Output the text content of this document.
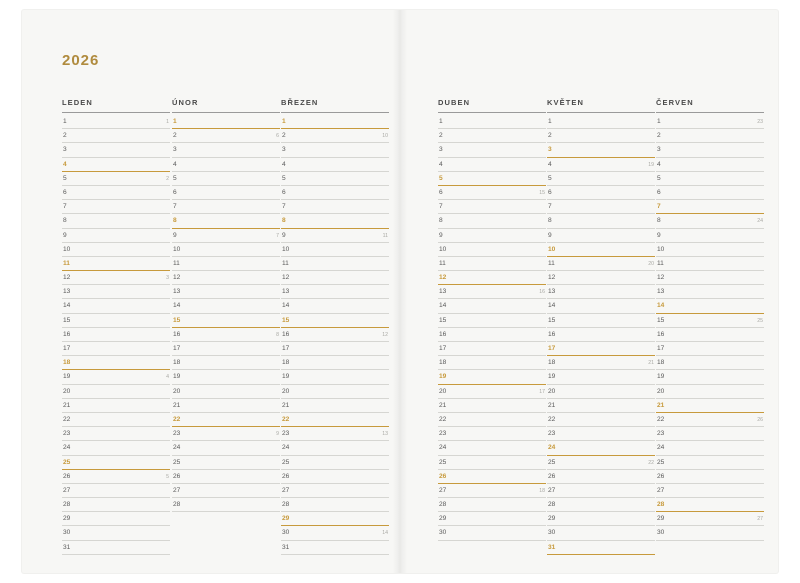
2026
LEDEN
1	1
2
3
4
5	2
6
7
8
9
10
11
12	3
13
14
15
16
17
18
19	4
20
21
22
23
24
25
26	5
27
28
29
30
31
ÚNOR
1
2	6
3
4
5
6
7
8
9	7
10
11
12
13
14
15
16	8
17
18
19
20
21
22
23	9
24
25
26
27
28
BŘEZEN
1
2	10
3
4
5
6
7
8
9	11
10
11
12
13
14
15
16	12
17
18
19
20
21
22
23	13
24
25
26
27
28
29
30	14
31
DUBEN
1
2
3
4
5
6	15
7
8
9
10
11
12
13	16
14
15
16
17
18
19
20	17
21
22
23
24
25
26
27	18
28
29
30
KVĚTEN
1
2
3
4	19
5
6
7
8
9
10
11	20
12
13
14
15
16
17
18	21
19
20
21
22
23
24
25	22
26
27
28
29
30
31
ČERVEN
1	23
2
3
4
5
6
7
8	24
9
10
11
12
13
14
15	25
16
17
18
19
20
21
22	26
23
24
25
26
27
28
29	27
30
